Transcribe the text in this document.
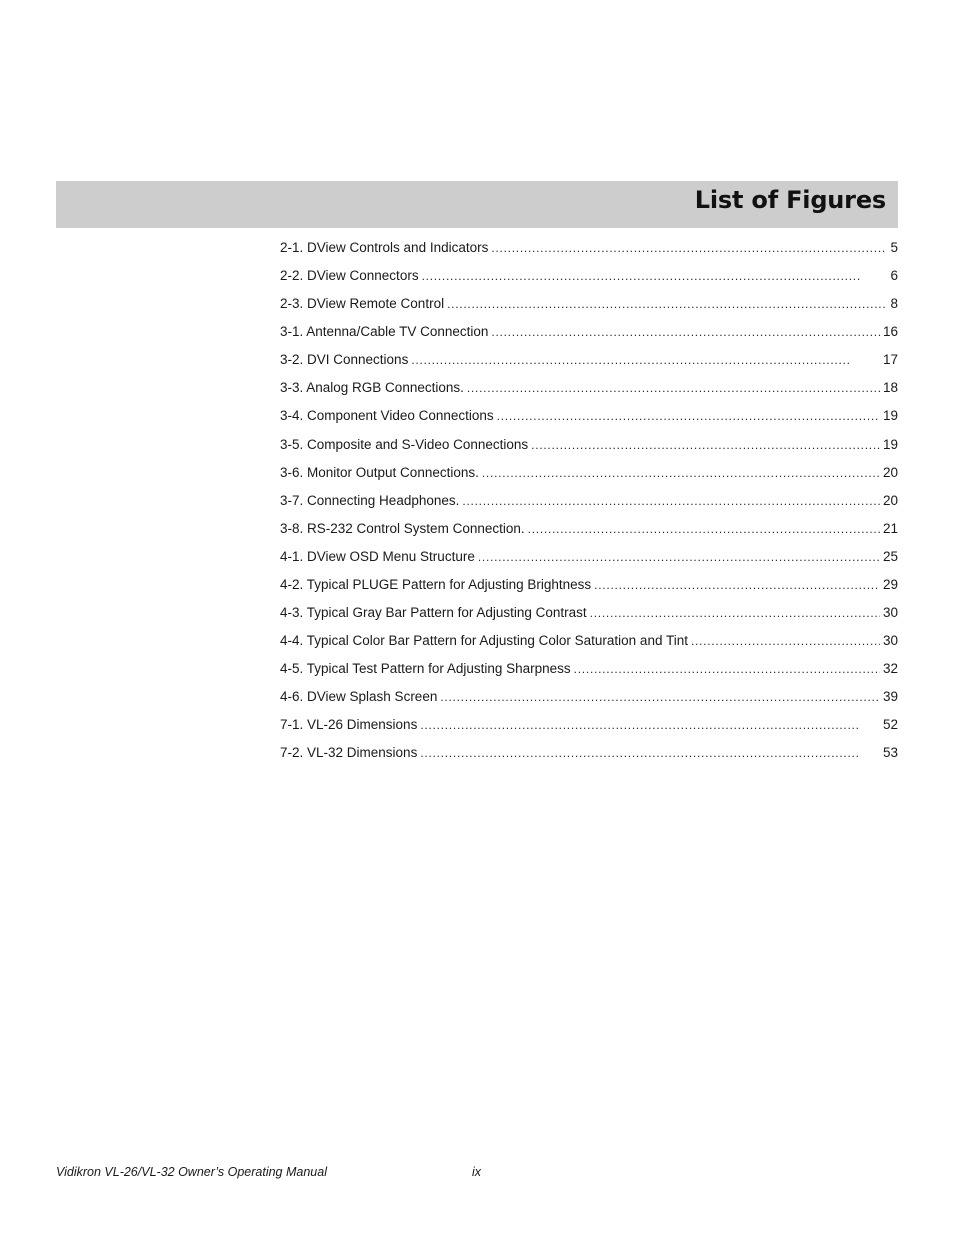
List of Figures
2-1. DView Controls and Indicators . . .	5
2-2. DView Connectors . . .	6
2-3. DView Remote Control . . .	8
3-1. Antenna/Cable TV Connection . . .	16
3-2. DVI Connections . . .	17
3-3. Analog RGB Connections. . . .	18
3-4. Component Video Connections . . .	19
3-5. Composite and S-Video Connections . . .	19
3-6. Monitor Output Connections. . . .	20
3-7. Connecting Headphones. . . .	20
3-8. RS-232 Control System Connection. . . .	21
4-1. DView OSD Menu Structure . . .	25
4-2. Typical PLUGE Pattern for Adjusting Brightness . . .	29
4-3. Typical Gray Bar Pattern for Adjusting Contrast . . .	30
4-4. Typical Color Bar Pattern for Adjusting Color Saturation and Tint . . .	30
4-5. Typical Test Pattern for Adjusting Sharpness . . .	32
4-6. DView Splash Screen . . .	39
7-1. VL-26 Dimensions . . .	52
7-2. VL-32 Dimensions . . .	53
Vidikron VL-26/VL-32 Owner’s Operating Manual	ix
